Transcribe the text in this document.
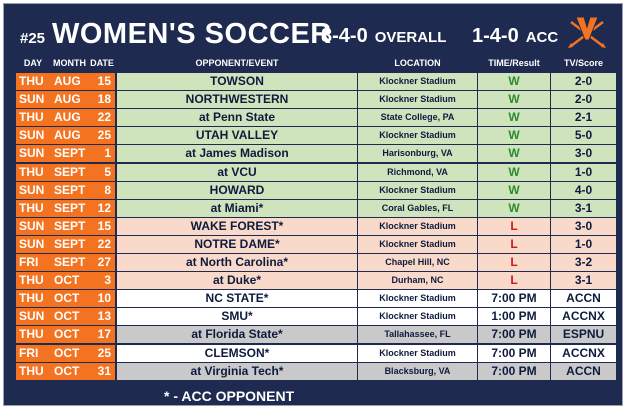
#25 WOMEN'S SOCCER
8-4-0 OVERALL 1-4-0 ACC
DAY	MONTH DATE	OPPONENT/EVENT	LOCATION	TIME/Result	TV/Score
THU AUG	15	TOWSON	Klockner Stadium	W	2-0
SUN AUG	18	NORTHWESTERN	Klockner Stadium	W	2-0
THU AUG	22	at Penn State	State College, PA	W	2-1
SUN AUG	25	UTAH VALLEY	Klockner Stadium	W	5-0
SUN SEPT	1	at James Madison	Harisonburg, VA	W	3-0
THU SEPT	5	at VCU	Richmond, VA	W	1-0
SUN SEPT	8	HOWARD	Klockner Stadium	W	4-0
THU SEPT	12	at Miami*	Coral Gables, FL	W	3-1
SUN SEPT	15	WAKE FOREST*	Klockner Stadium	L	3-0
SUN SEPT	22	NOTRE DAME*	Klockner Stadium	L	1-0
FRI	SEPT	27	at North Carolina*	Chapel Hill, NC	L	3-2
THU OCT	3	at Duke*	Durham, NC	L	3-1
THU OCT	10	NC STATE*	Klockner Stadium	7:00 PM	ACCN
SUN OCT	13	SMU*	Klockner Stadium	1:00 PM	ACCNX
THU OCT	17	at Florida State*	Tallahassee, FL	7:00 PM	ESPNU
FRI	OCT	25	CLEMSON*	Klockner Stadium	7:00 PM	ACCNX
THU OCT	31	at Virginia Tech*	Blacksburg, VA	7:00 PM	ACCN
* - ACC OPPONENT
